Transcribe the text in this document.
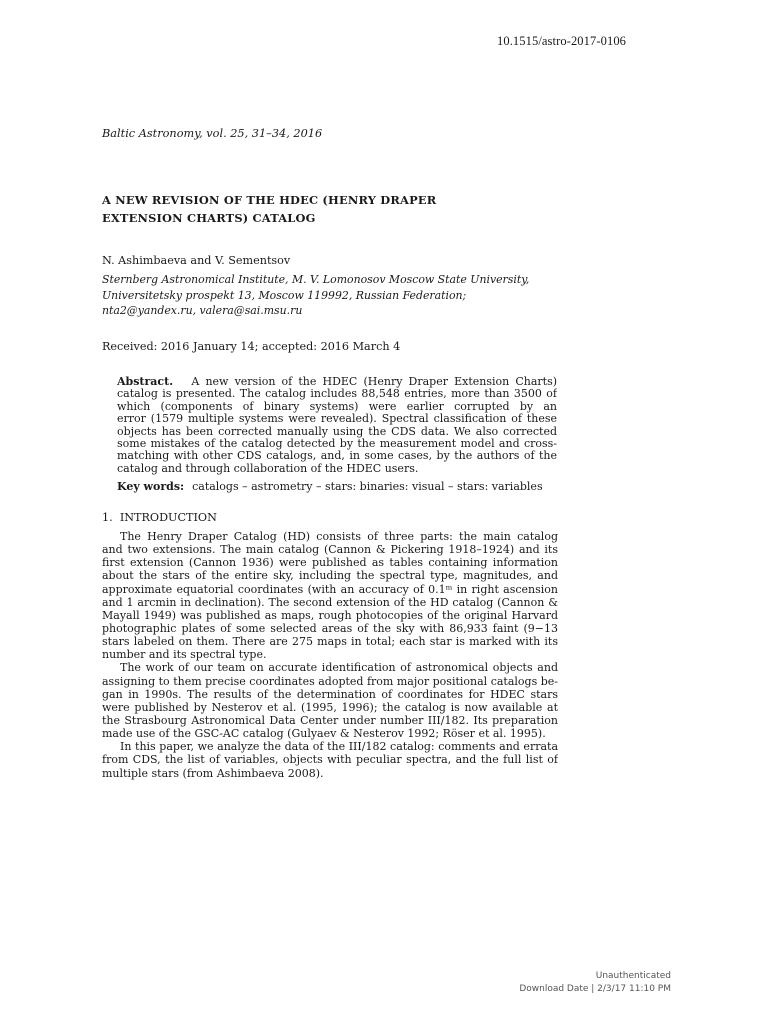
10.1515/astro-2017-0106
Baltic Astronomy, vol. 25, 31–34, 2016
A NEW REVISION OF THE HDEC (HENRY DRAPER
EXTENSION CHARTS) CATALOG
N. Ashimbaeva and V. Sementsov
Sternberg Astronomical Institute, M. V. Lomonosov Moscow State University,
Universitetsky prospekt 13, Moscow 119992, Russian Federation;
nta2@yandex.ru, valera@sai.msu.ru
Received: 2016 January 14; accepted: 2016 March 4
Abstract. A new version of the HDEC (Henry Draper Extension Charts)
catalog is presented. The catalog includes 88,548 entries, more than 3500 of
which (components of binary systems) were earlier corrupted by an
error (1579 multiple systems were revealed). Spectral classification of these
objects has been corrected manually using the CDS data. We also corrected
some mistakes of the catalog detected by the measurement model and cross-
matching with other CDS catalogs, and, in some cases, by the authors of the
catalog and through collaboration of the HDEC users.
Key words: catalogs – astrometry – stars: binaries: visual – stars: variables
1. INTRODUCTION
The Henry Draper Catalog (HD) consists of three parts: the main catalog
and two extensions. The main catalog (Cannon & Pickering 1918–1924) and its
first extension (Cannon 1936) were published as tables containing information
about the stars of the entire sky, including the spectral type, magnitudes, and
approximate equatorial coordinates (with an accuracy of 0.1ᵐ in right ascension
and 1 arcmin in declination). The second extension of the HD catalog (Cannon &
Mayall 1949) was published as maps, rough photocopies of the original Harvard
photographic plates of some selected areas of the sky with 86,933 faint (9−13
stars labeled on them. There are 275 maps in total; each star is marked with its
number and its spectral type.
The work of our team on accurate identification of astronomical objects and
assigning to them precise coordinates adopted from major positional catalogs be-
gan in 1990s. The results of the determination of coordinates for HDEC stars
were published by Nesterov et al. (1995, 1996); the catalog is now available at
the Strasbourg Astronomical Data Center under number III/182. Its preparation
made use of the GSC-AC catalog (Gulyaev & Nesterov 1992; Röser et al. 1995).
In this paper, we analyze the data of the III/182 catalog: comments and errata
from CDS, the list of variables, objects with peculiar spectra, and the full list of
multiple stars (from Ashimbaeva 2008).
Unauthenticated
Download Date | 2/3/17 11:10 PM
